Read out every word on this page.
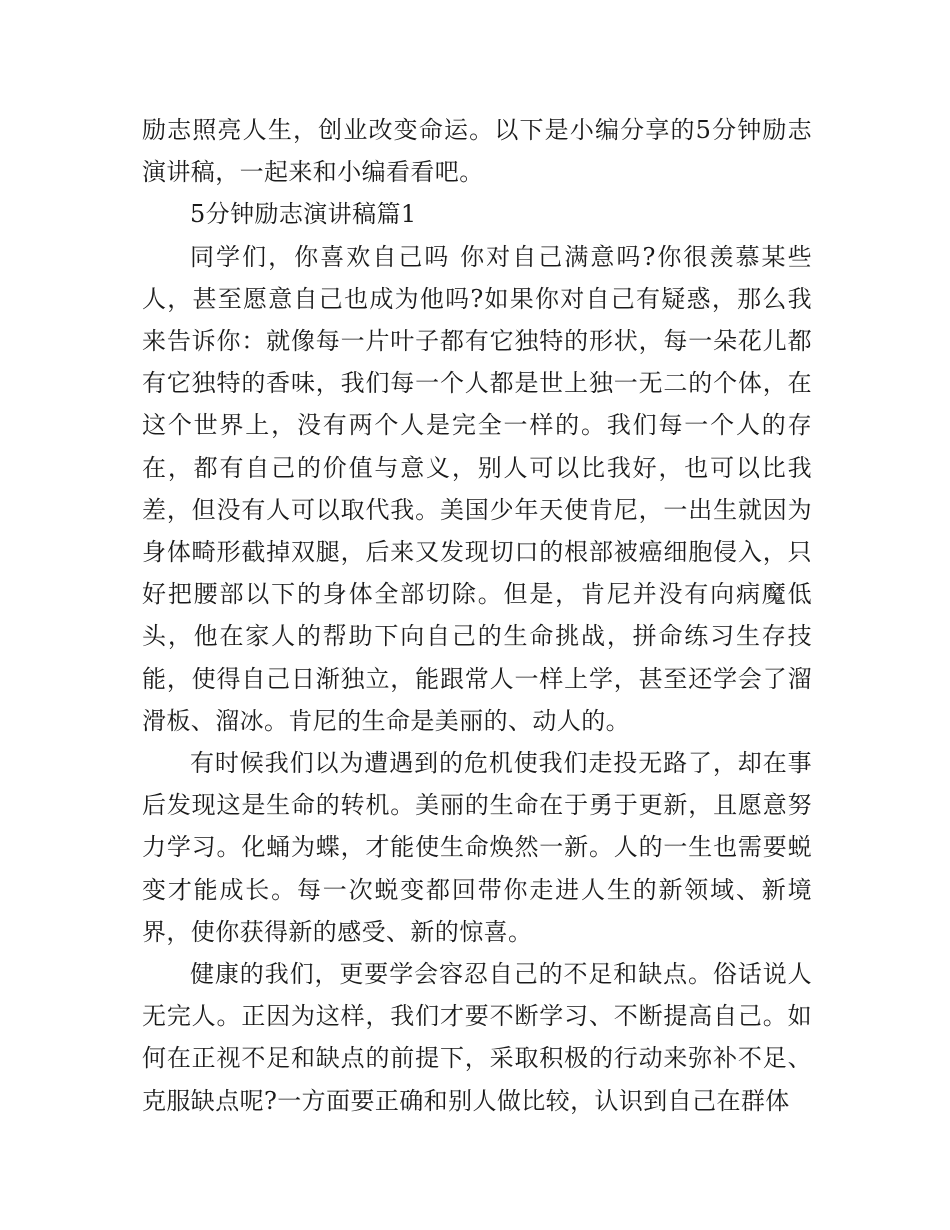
励志照亮人生，创业改变命运。以下是小编分享的5分钟励志演讲稿，一起来和小编看看吧。

5分钟励志演讲稿篇1

同学们，你喜欢自己吗 你对自己满意吗?你很羡慕某些人，甚至愿意自己也成为他吗?如果你对自己有疑惑，那么我来告诉你：就像每一片叶子都有它独特的形状，每一朵花儿都有它独特的香味，我们每一个人都是世上独一无二的个体，在这个世界上，没有两个人是完全一样的。我们每一个人的存在，都有自己的价值与意义，别人可以比我好，也可以比我差，但没有人可以取代我。美国少年天使肯尼，一出生就因为身体畸形截掉双腿，后来又发现切口的根部被癌细胞侵入，只好把腰部以下的身体全部切除。但是，肯尼并没有向病魔低头，他在家人的帮助下向自己的生命挑战，拼命练习生存技能，使得自己日渐独立，能跟常人一样上学，甚至还学会了溜滑板、溜冰。肯尼的生命是美丽的、动人的。

有时候我们以为遭遇到的危机使我们走投无路了，却在事后发现这是生命的转机。美丽的生命在于勇于更新，且愿意努力学习。化蛹为蝶，才能使生命焕然一新。人的一生也需要蜕变才能成长。每一次蜕变都回带你走进人生的新领域、新境界，使你获得新的感受、新的惊喜。

健康的我们，更要学会容忍自己的不足和缺点。俗话说人无完人。正因为这样，我们才要不断学习、不断提高自己。如何在正视不足和缺点的前提下，采取积极的行动来弥补不足、克服缺点呢?一方面要正确和别人做比较，认识到自己在群体
